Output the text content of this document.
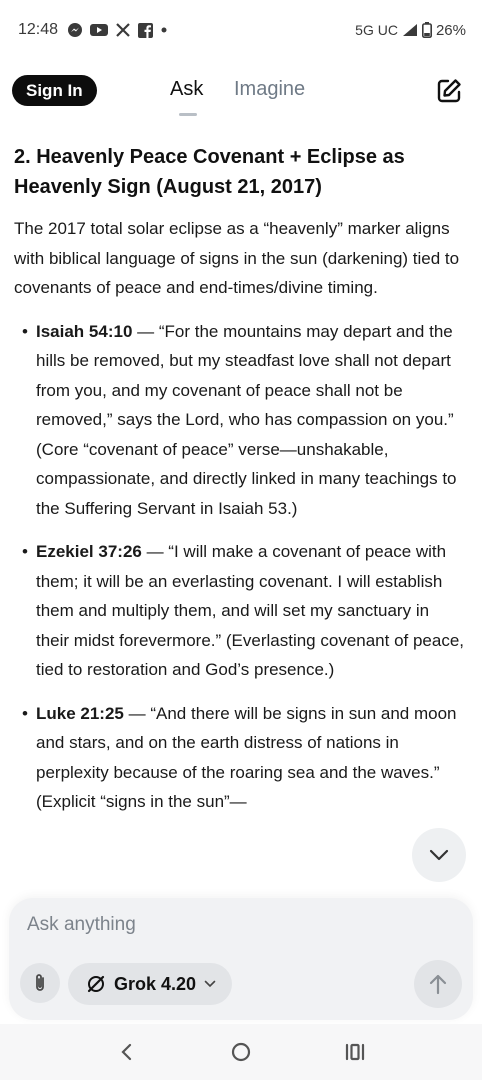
12:48	5G UC	26%
Sign In	Ask Imagine
2. Heavenly Peace Covenant + Eclipse as Heavenly Sign (August 21, 2017)

The 2017 total solar eclipse as a “heavenly” marker aligns with biblical language of signs in the sun (darkening) tied to covenants of peace and end-times/divine timing.

• Isaiah 54:10 — “For the mountains may depart and the hills be removed, but my steadfast love shall not depart from you, and my covenant of peace shall not be removed,” says the Lord, who has compassion on you.” (Core “covenant of peace” verse—unshakable, compassionate, and directly linked in many teachings to the Suffering Servant in Isaiah 53.)
• Ezekiel 37:26 — “I will make a covenant of peace with them; it will be an everlasting covenant. I will establish them and multiply them, and will set my sanctuary in their midst forevermore.” (Everlasting covenant of peace, tied to restoration and God’s presence.)
• Luke 21:25 — “And there will be signs in sun and moon and stars, and on the earth distress of nations in perplexity because of the roaring sea and the waves.” (Explicit “signs in the sun”—
Ask anything
Grok 4.20
